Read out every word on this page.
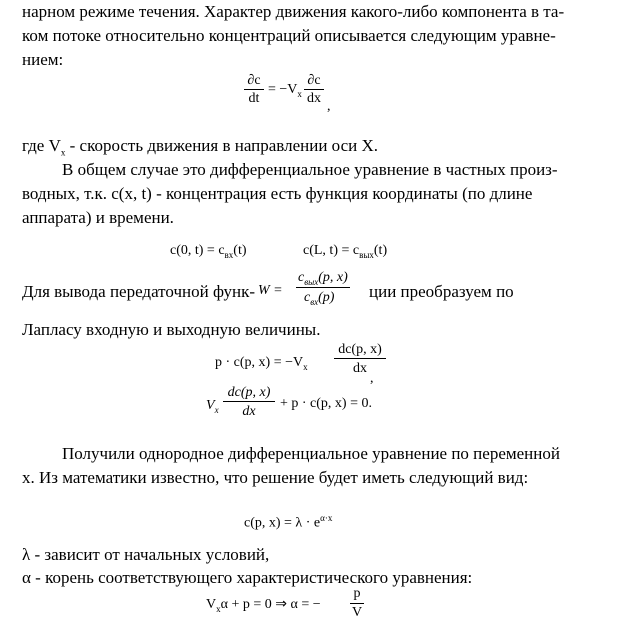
нарном режиме течения. Характер движения какого-либо компонента в та-
ком потоке относительно концентраций описывается следующим уравне-
нием:
∂c
dt
= $-V_x$
∂c
dx
,
где $V_x$ - скорость движения в направлении оси X.
В общем случае это дифференциальное уравнение в частных произ-
водных, т.к. c(x, t) - концентрация есть функция координаты (по длине
аппарата) и времени.
c(0, $t) = c_{вх}(t)$	c(L, $t) = c_{вых}(t)$
Для вывода передаточной функ- W =
$c_{вых}(p$, x)
$c_{вх}(p)$ ции преобразуем по
Лапласу входную и выходную величины.
p · c(p, $x) = -V_x$
dc(p, x)
dx
,
$V_x$
dc(p, x)
dx
+ p · c(p, x) = 0.
Получили однородное дифференциальное уравнение по переменной
x. Из математики известно, что решение будет иметь следующий вид:
c(p, $x) = \lambda \cdot e^{\alpha\cdot x}$
λ - зависит от начальных условий,
α - корень соответствующего характеристического уравнения:
$V_x\alpha + p = 0$ ⇒ α = −
p
V
